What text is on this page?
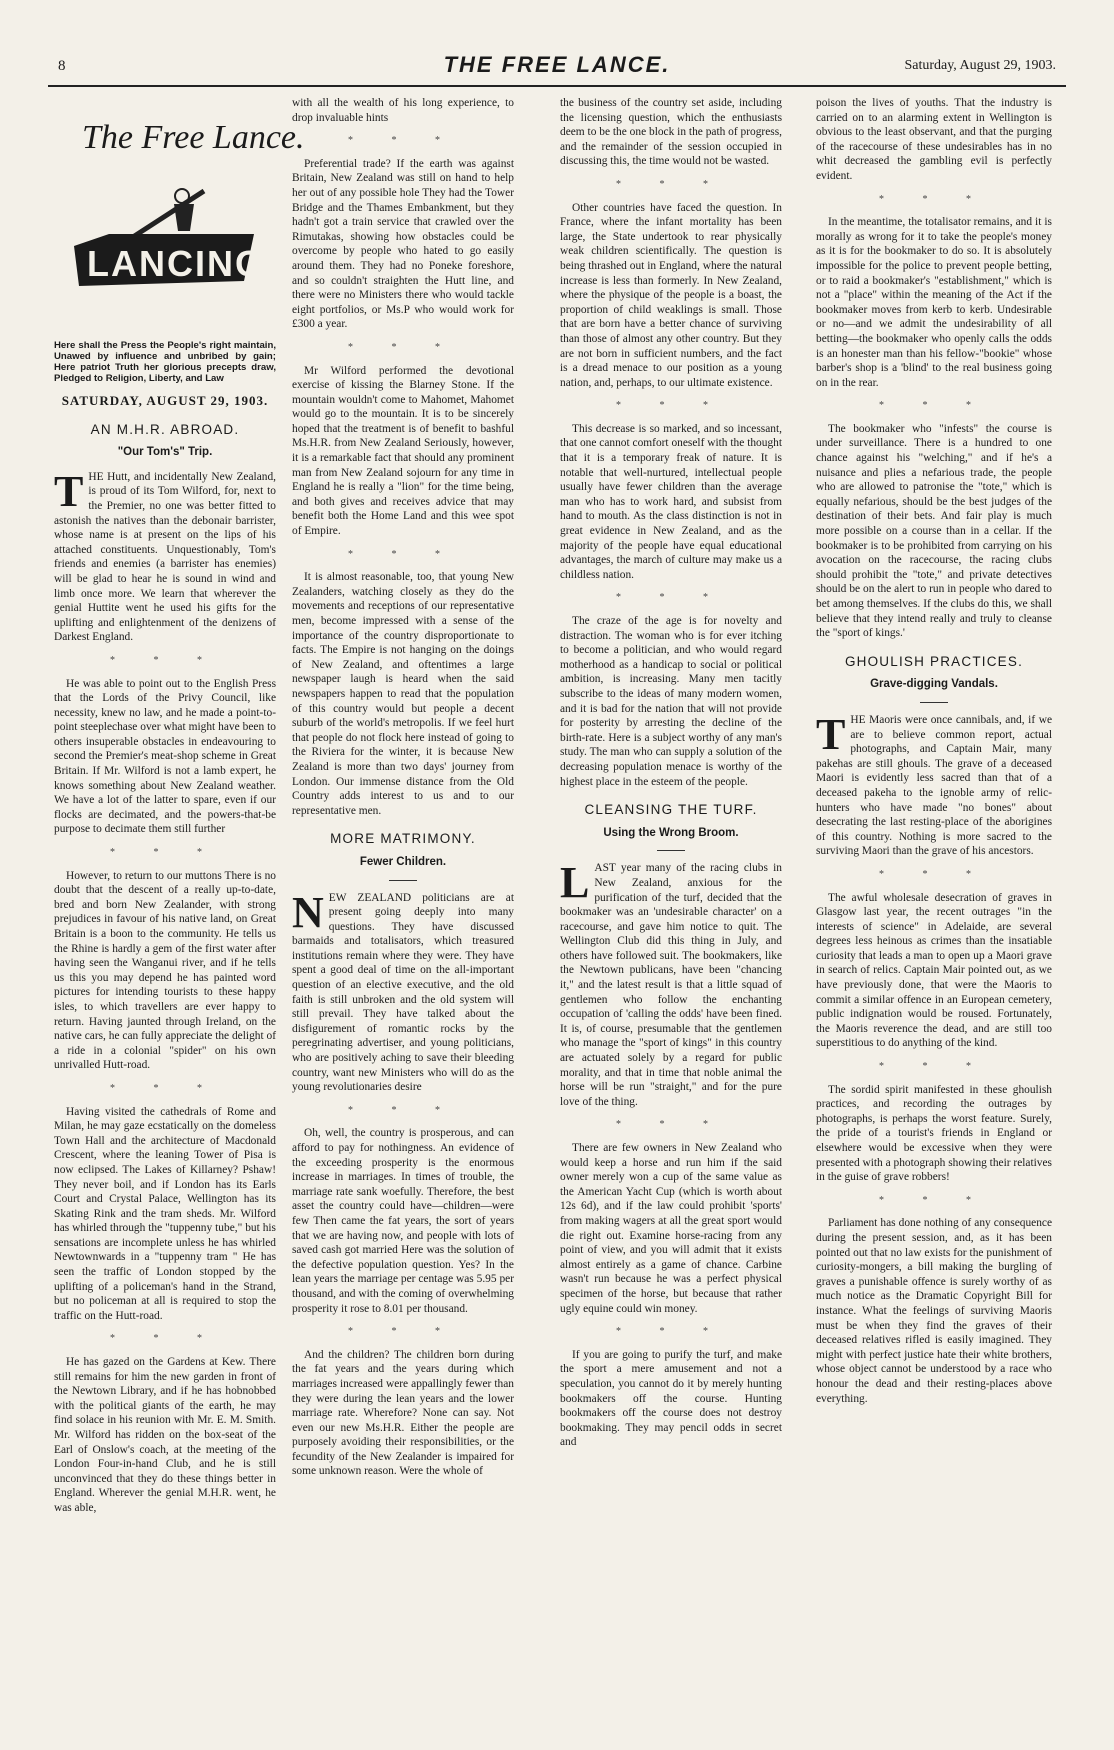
8	THE FREE LANCE.	Saturday, August 29, 1903.
The Free Lance.
LANCINGS
Here shall the Press the People's right maintain, Unawed by influence and unbribed by gain; Here patriot Truth her glorious precepts draw, Pledged to Religion, Liberty, and Law
SATURDAY, AUGUST 29, 1903.
AN M.H.R. ABROAD.
"Our Tom's" Trip.

THE Hutt, and incidentally New Zealand, is proud of its Tom Wilford, for, next to the Premier, no one was better fitted to astonish the natives than the debonair barrister, whose name is at present on the lips of his attached constituents. Unquestionably, Tom's friends and enemies (a barrister has enemies) will be glad to hear he is sound in wind and limb once more. We learn that wherever the genial Huttite went he used his gifts for the uplifting and enlightenment of the denizens of Darkest England.

* * *

He was able to point out to the English Press that the Lords of the Privy Council, like necessity, knew no law, and he made a point-to-point steeplechase over what might have been to others insuperable obstacles in endeavouring to second the Premier's meat-shop scheme in Great Britain. If Mr. Wilford is not a lamb expert, he knows something about New Zealand weather. We have a lot of the latter to spare, even if our flocks are decimated, and the powers-that-be purpose to decimate them still further

* * *

However, to return to our muttons There is no doubt that the descent of a really up-to-date, bred and born New Zealander, with strong prejudices in favour of his native land, on Great Britain is a boon to the community. He tells us the Rhine is hardly a gem of the first water after having seen the Wanganui river, and if he tells us this you may depend he has painted word pictures for intending tourists to these happy isles, to which travellers are ever happy to return. Having jaunted through Ireland, on the native cars, he can fully appreciate the delight of a ride in a colonial "spider" on his own unrivalled Hutt-road.

* * *

Having visited the cathedrals of Rome and Milan, he may gaze ecstatically on the domeless Town Hall and the architecture of Macdonald Crescent, where the leaning Tower of Pisa is now eclipsed. The Lakes of Killarney? Pshaw! They never boil, and if London has its Earls Court and Crystal Palace, Wellington has its Skating Rink and the tram sheds. Mr. Wilford has whirled through the "tuppenny tube," but his sensations are incomplete unless he has whirled Newtownwards in a "tuppenny tram " He has seen the traffic of London stopped by the uplifting of a policeman's hand in the Strand, but no policeman at all is required to stop the traffic on the Hutt-road.

* * *

He has gazed on the Gardens at Kew. There still remains for him the new garden in front of the Newtown Library, and if he has hobnobbed with the political giants of the earth, he may find solace in his reunion with Mr. E. M. Smith. Mr. Wilford has ridden on the box-seat of the Earl of Onslow's coach, at the meeting of the London Four-in-hand Club, and he is still unconvinced that they do these things better in England. Wherever the genial M.H.R. went, he was able,

with all the wealth of his long experience, to drop invaluable hints

* * *

Preferential trade? If the earth was against Britain, New Zealand was still on hand to help her out of any possible hole They had the Tower Bridge and the Thames Embankment, but they hadn't got a train service that crawled over the Rimutakas, showing how obstacles could be overcome by people who hated to go easily around them. They had no Poneke foreshore, and so couldn't straighten the Hutt line, and there were no Ministers there who would tackle eight portfolios, or Ms.P who would work for £300 a year.

* * *

Mr Wilford performed the devotional exercise of kissing the Blarney Stone. If the mountain wouldn't come to Mahomet, Mahomet would go to the mountain. It is to be sincerely hoped that the treatment is of benefit to bashful Ms.H.R. from New Zealand Seriously, however, it is a remarkable fact that should any prominent man from New Zealand sojourn for any time in England he is really a "lion" for the time being, and both gives and receives advice that may benefit both the Home Land and this wee spot of Empire.

* * *

It is almost reasonable, too, that young New Zealanders, watching closely as they do the movements and receptions of our representative men, become impressed with a sense of the importance of the country disproportionate to facts. The Empire is not hanging on the doings of New Zealand, and oftentimes a large newspaper laugh is heard when the said newspapers happen to read that the population of this country would but people a decent suburb of the world's metropolis. If we feel hurt that people do not flock here instead of going to the Riviera for the winter, it is because New Zealand is more than two days' journey from London. Our immense distance from the Old Country adds interest to us and to our representative men.

MORE MATRIMONY.
Fewer Children.

NEW ZEALAND politicians are at present going deeply into many questions. They have discussed barmaids and totalisators, which treasured institutions remain where they were. They have spent a good deal of time on the all-important question of an elective executive, and the old faith is still unbroken and the old system will still prevail. They have talked about the disfigurement of romantic rocks by the peregrinating advertiser, and young politicians, who are positively aching to save their bleeding country, want new Ministers who will do as the young revolutionaries desire

* * *

Oh, well, the country is prosperous, and can afford to pay for nothingness. An evidence of the exceeding prosperity is the enormous increase in marriages. In times of trouble, the marriage rate sank woefully. Therefore, the best asset the country could have—children—were few Then came the fat years, the sort of years that we are having now, and people with lots of saved cash got married Here was the solution of the defective population question. Yes? In the lean years the marriage per centage was 5.95 per thousand, and with the coming of overwhelming prosperity it rose to 8.01 per thousand.

* * *

And the children? The children born during the fat years and the years during which marriages increased were appallingly fewer than they were during the lean years and the lower marriage rate. Wherefore? None can say. Not even our new Ms.H.R. Either the people are purposely avoiding their responsibilities, or the fecundity of the New Zealander is impaired for some unknown reason. Were the whole of

the business of the country set aside, including the licensing question, which the enthusiasts deem to be the one block in the path of progress, and the remainder of the session occupied in discussing this, the time would not be wasted.

* * *

Other countries have faced the question. In France, where the infant mortality has been large, the State undertook to rear physically weak children scientifically. The question is being thrashed out in England, where the natural increase is less than formerly. In New Zealand, where the physique of the people is a boast, the proportion of child weaklings is small. Those that are born have a better chance of surviving than those of almost any other country. But they are not born in sufficient numbers, and the fact is a dread menace to our position as a young nation, and, perhaps, to our ultimate existence.

* * *

This decrease is so marked, and so incessant, that one cannot comfort oneself with the thought that it is a temporary freak of nature. It is notable that well-nurtured, intellectual people usually have fewer children than the average man who has to work hard, and subsist from hand to mouth. As the class distinction is not in great evidence in New Zealand, and as the majority of the people have equal educational advantages, the march of culture may make us a childless nation.

* * *

The craze of the age is for novelty and distraction. The woman who is for ever itching to become a politician, and who would regard motherhood as a handicap to social or political ambition, is increasing. Many men tacitly subscribe to the ideas of many modern women, and it is bad for the nation that will not provide for posterity by arresting the decline of the birth-rate. Here is a subject worthy of any man's study. The man who can supply a solution of the decreasing population menace is worthy of the highest place in the esteem of the people.

CLEANSING THE TURF.
Using the Wrong Broom.

LAST year many of the racing clubs in New Zealand, anxious for the purification of the turf, decided that the bookmaker was an 'undesirable character' on a racecourse, and gave him notice to quit. The Wellington Club did this thing in July, and others have followed suit. The bookmakers, like the Newtown publicans, have been "chancing it," and the latest result is that a little squad of gentlemen who follow the enchanting occupation of 'calling the odds' have been fined. It is, of course, presumable that the gentlemen who manage the "sport of kings" in this country are actuated solely by a regard for public morality, and that in time that noble animal the horse will be run "straight," and for the pure love of the thing.

* * *

There are few owners in New Zealand who would keep a horse and run him if the said owner merely won a cup of the same value as the American Yacht Cup (which is worth about 12s 6d), and if the law could prohibit 'sports' from making wagers at all the great sport would die right out. Examine horse-racing from any point of view, and you will admit that it exists almost entirely as a game of chance. Carbine wasn't run because he was a perfect physical specimen of the horse, but because that rather ugly equine could win money.

* * *

If you are going to purify the turf, and make the sport a mere amusement and not a speculation, you cannot do it by merely hunting bookmakers off the course. Hunting bookmakers off the course does not destroy bookmaking. They may pencil odds in secret and

poison the lives of youths. That the industry is carried on to an alarming extent in Wellington is obvious to the least observant, and that the purging of the racecourse of these undesirables has in no whit decreased the gambling evil is perfectly evident.

* * *

In the meantime, the totalisator remains, and it is morally as wrong for it to take the people's money as it is for the bookmaker to do so. It is absolutely impossible for the police to prevent people betting, or to raid a bookmaker's "establishment," which is not a "place" within the meaning of the Act if the bookmaker moves from kerb to kerb. Undesirable or no—and we admit the undesirability of all betting—the bookmaker who openly calls the odds is an honester man than his fellow-"bookie" whose barber's shop is a 'blind' to the real business going on in the rear.

* * *

The bookmaker who "infests" the course is under surveillance. There is a hundred to one chance against his "welching," and if he's a nuisance and plies a nefarious trade, the people who are allowed to patronise the "tote," which is equally nefarious, should be the best judges of the destination of their bets. And fair play is much more possible on a course than in a cellar. If the bookmaker is to be prohibited from carrying on his avocation on the racecourse, the racing clubs should prohibit the "tote," and private detectives should be on the alert to run in people who dared to bet among themselves. If the clubs do this, we shall believe that they intend really and truly to cleanse the "sport of kings.'

GHOULISH PRACTICES.
Grave-digging Vandals.

THE Maoris were once cannibals, and, if we are to believe common report, actual photographs, and Captain Mair, many pakehas are still ghouls. The grave of a deceased Maori is evidently less sacred than that of a deceased pakeha to the ignoble army of relic-hunters who have made "no bones" about desecrating the last resting-place of the aborigines of this country. Nothing is more sacred to the surviving Maori than the grave of his ancestors.

* * *

The awful wholesale desecration of graves in Glasgow last year, the recent outrages "in the interests of science" in Adelaide, are several degrees less heinous as crimes than the insatiable curiosity that leads a man to open up a Maori grave in search of relics. Captain Mair pointed out, as we have previously done, that were the Maoris to commit a similar offence in an European cemetery, public indignation would be roused. Fortunately, the Maoris reverence the dead, and are still too superstitious to do anything of the kind.

* * *

The sordid spirit manifested in these ghoulish practices, and recording the outrages by photographs, is perhaps the worst feature. Surely, the pride of a tourist's friends in England or elsewhere would be excessive when they were presented with a photograph showing their relatives in the guise of grave robbers!

* * *

Parliament has done nothing of any consequence during the present session, and, as it has been pointed out that no law exists for the punishment of curiosity-mongers, a bill making the burgling of graves a punishable offence is surely worthy of as much notice as the Dramatic Copyright Bill for instance. What the feelings of surviving Maoris must be when they find the graves of their deceased relatives rifled is easily imagined. They might with perfect justice hate their white brothers, whose object cannot be understood by a race who honour the dead and their resting-places above everything.
